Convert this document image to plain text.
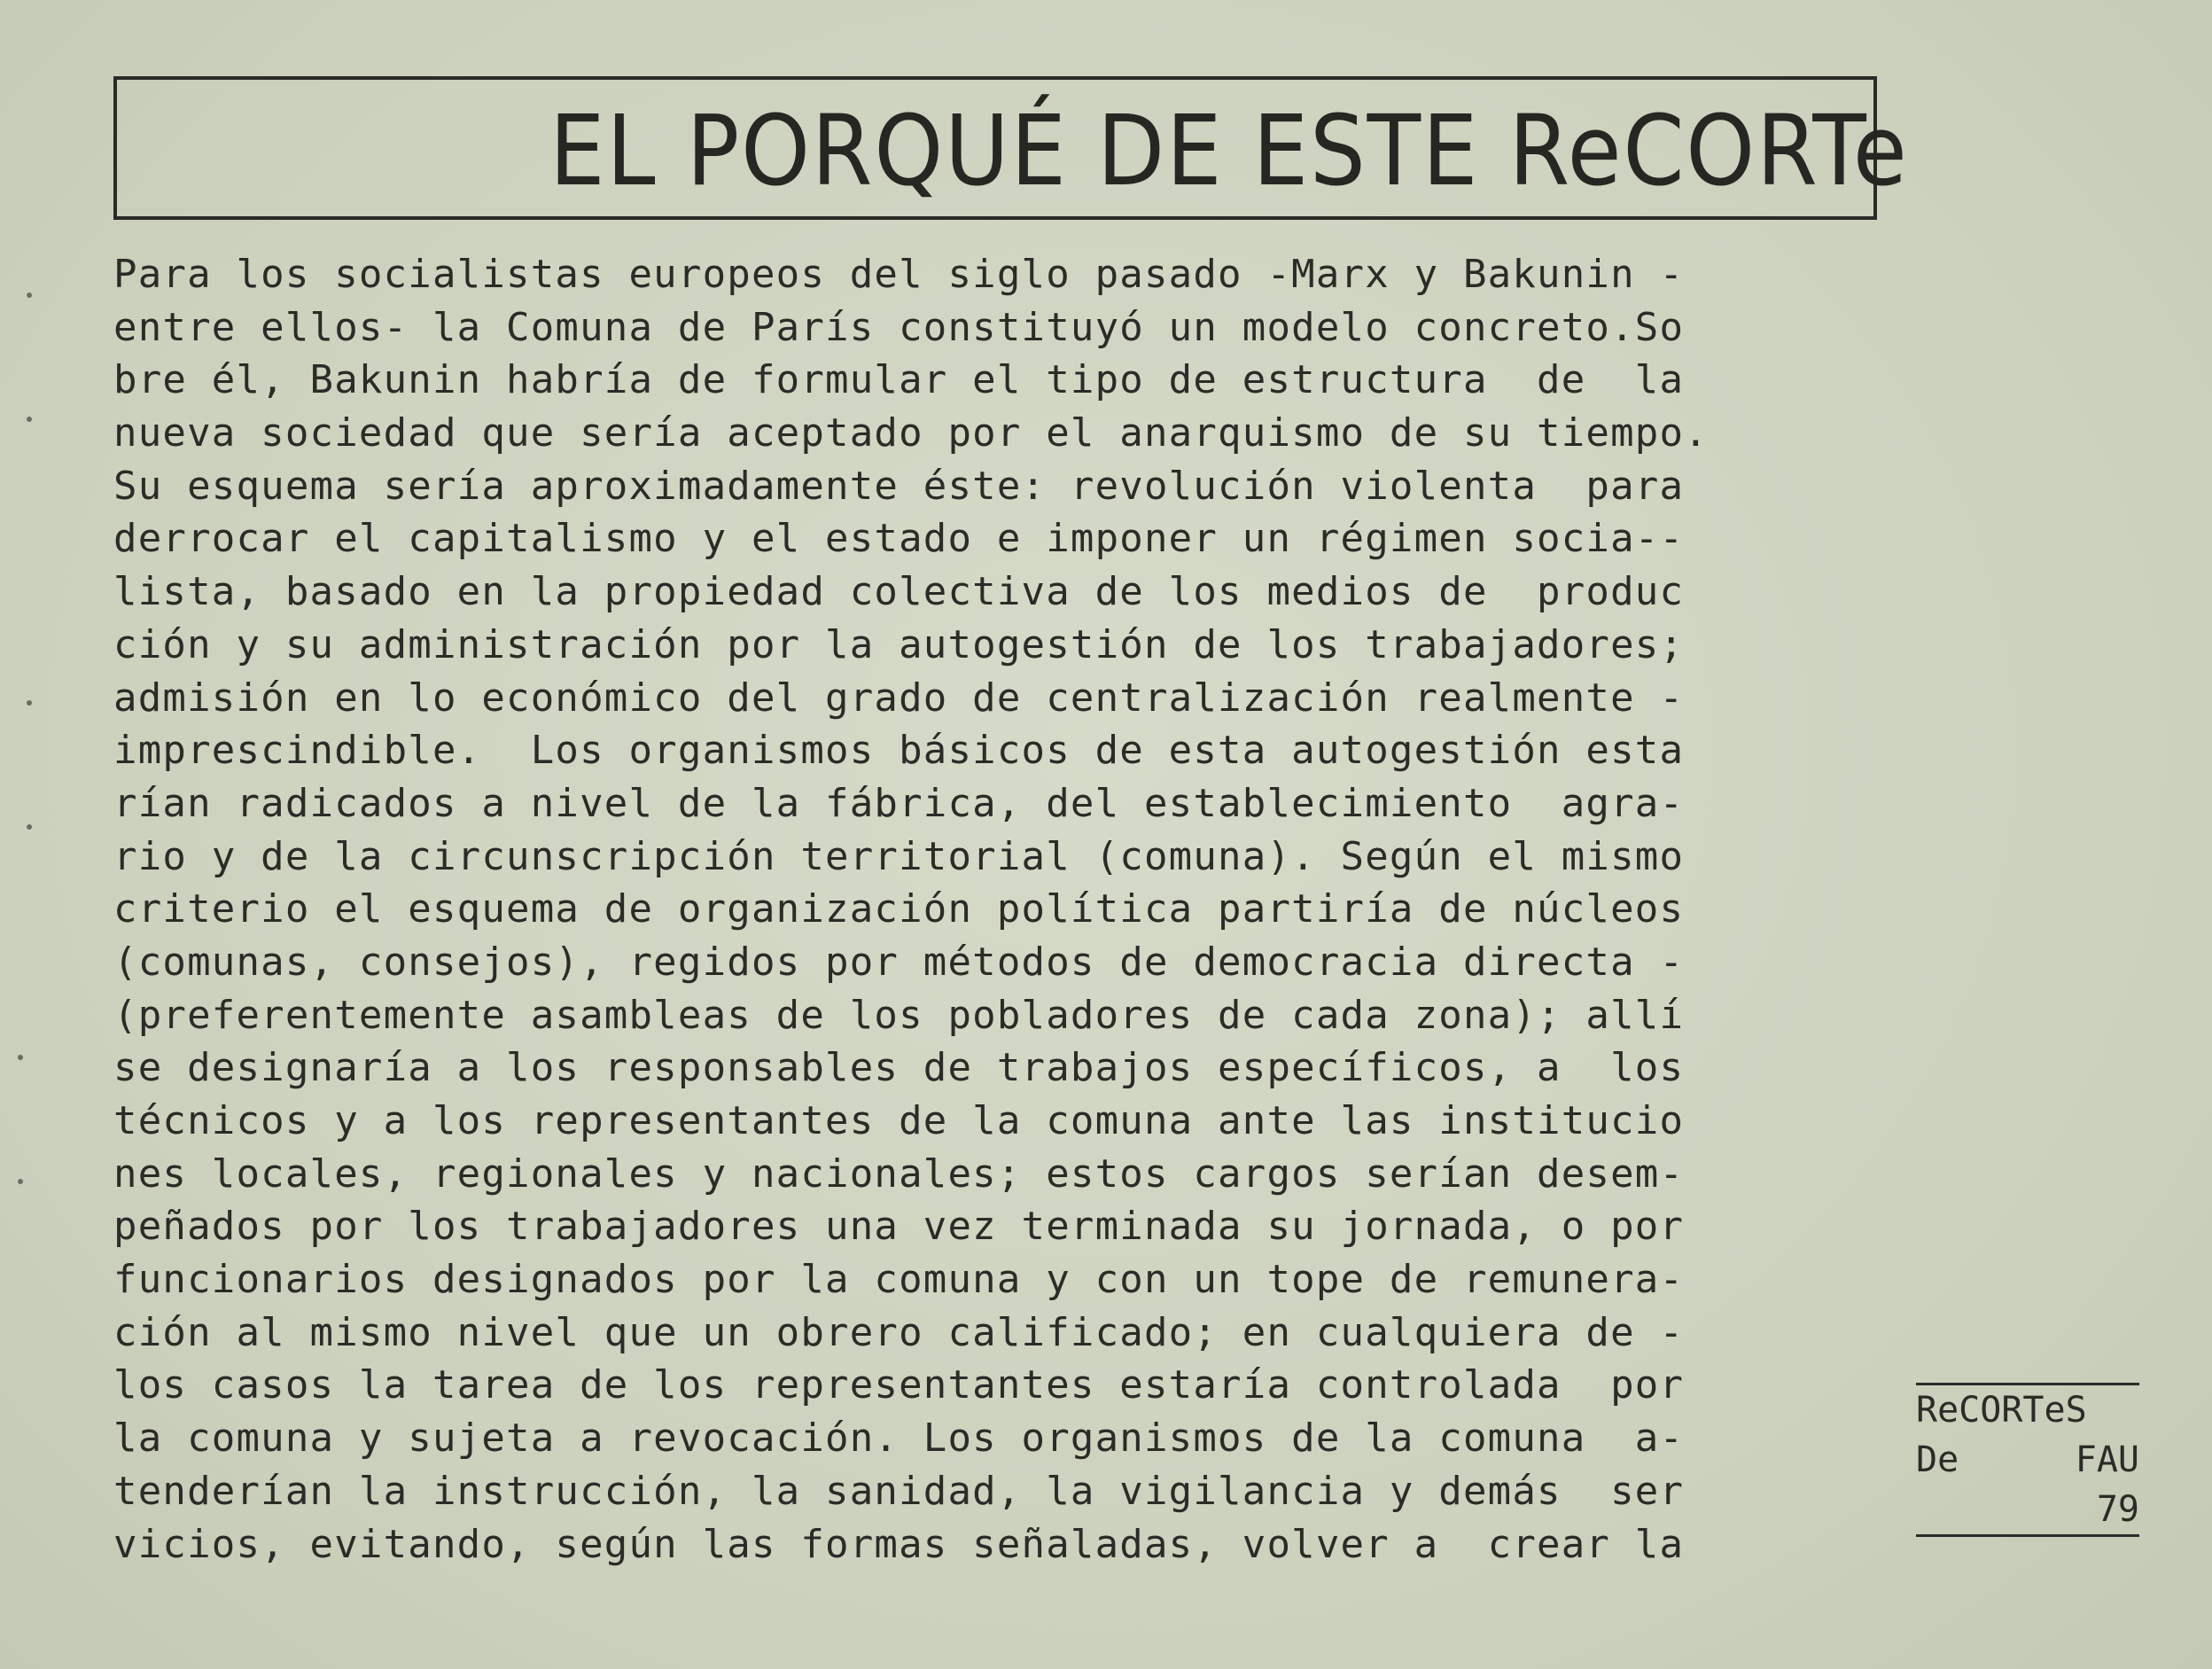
EL PORQUÉ DE ESTE ReCORTe
Para los socialistas europeos del siglo pasado -Marx y Bakunin -
entre ellos- la Comuna de París constituyó un modelo concreto.So
bre él, Bakunin habría de formular el tipo de estructura  de  la
nueva sociedad que sería aceptado por el anarquismo de su tiempo.
Su esquema sería aproximadamente éste: revolución violenta  para
derrocar el capitalismo y el estado e imponer un régimen socia--
lista, basado en la propiedad colectiva de los medios de  produc
ción y su administración por la autogestión de los trabajadores;
admisión en lo económico del grado de centralización realmente -
imprescindible.  Los organismos básicos de esta autogestión esta
rían radicados a nivel de la fábrica, del establecimiento  agra-
rio y de la circunscripción territorial (comuna). Según el mismo
criterio el esquema de organización política partiría de núcleos
(comunas, consejos), regidos por métodos de democracia directa -
(preferentemente asambleas de los pobladores de cada zona); allí
se designaría a los responsables de trabajos específicos, a  los
técnicos y a los representantes de la comuna ante las institucio
nes locales, regionales y nacionales; estos cargos serían desem-
peñados por los trabajadores una vez terminada su jornada, o por
funcionarios designados por la comuna y con un tope de remunera-
ción al mismo nivel que un obrero calificado; en cualquiera de -
los casos la tarea de los representantes estaría controlada  por
la comuna y sujeta a revocación. Los organismos de la comuna  a-
tenderían la instrucción, la sanidad, la vigilancia y demás  ser
vicios, evitando, según las formas señaladas, volver a  crear la
ReCORTeS
De	FAU
79
